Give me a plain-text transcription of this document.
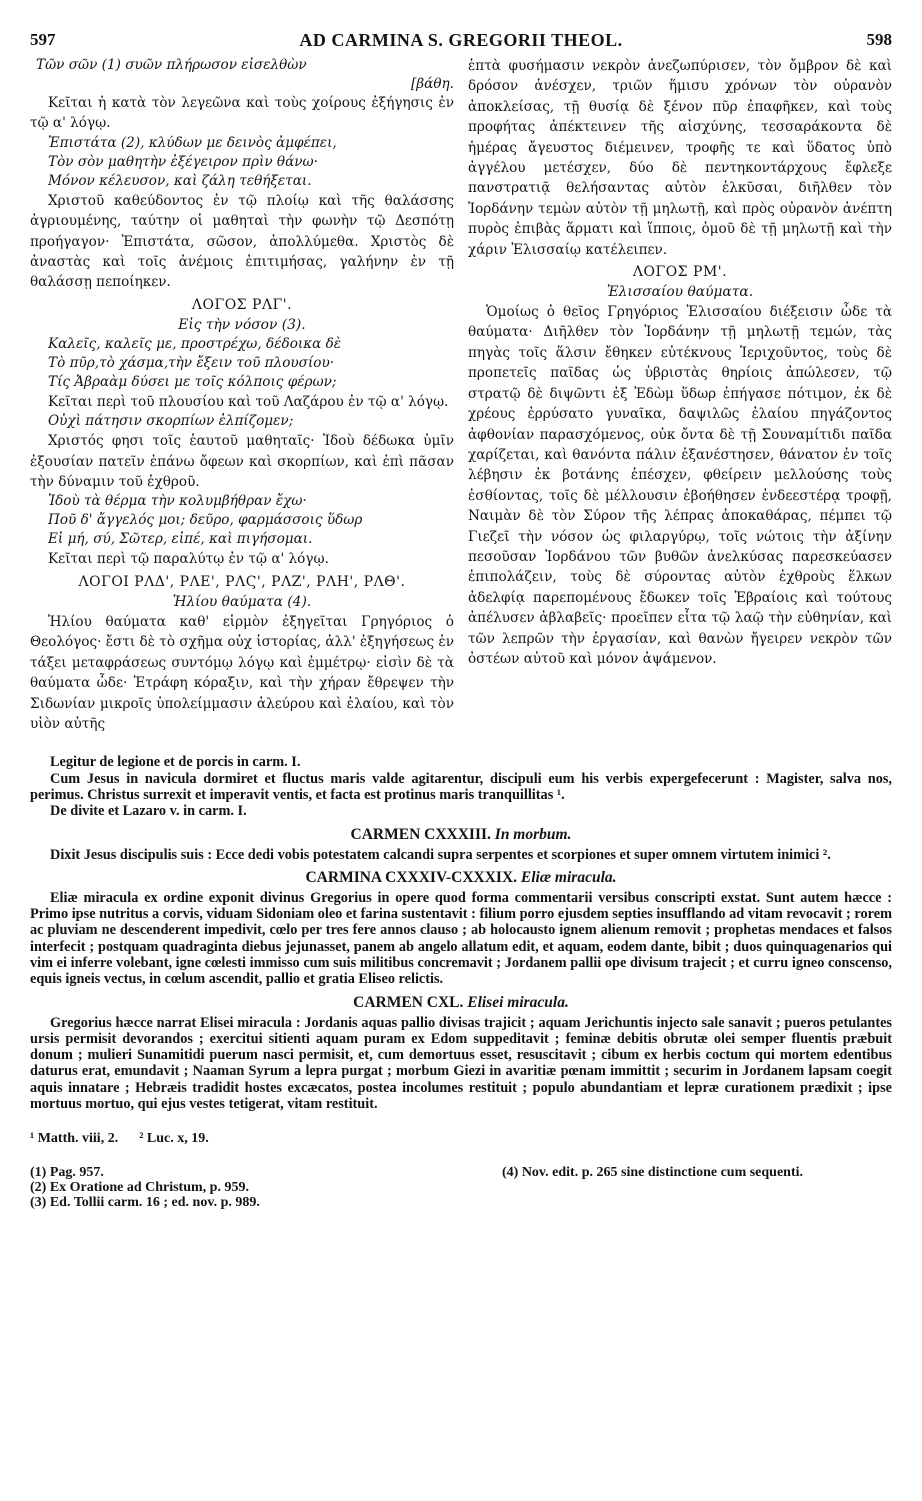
597	AD CARMINA S. GREGORII THEOL.	598
Τῶν σῶν (1) συῶν πλήρωσον εἰσελθὼν
[βάθη.

Κεῖται ἡ κατὰ τὸν λεγεῶνα καὶ τοὺς χοίρους ἐξήγησις ἐν τῷ α' λόγῳ.

Ἐπιστάτα (2), κλύδων με δεινὸς ἀμφέπει,
Τὸν σὸν μαθητὴν ἐξέγειρον πρὶν θάνω·
Μόνον κέλευσον, καὶ ζάλη τεθήξεται.

Χριστοῦ καθεύδοντος ἐν τῷ πλοίῳ καὶ τῆς θαλάσσης ἀγριουμένης, ταύτην οἱ μαθηταὶ τὴν φωνὴν τῷ Δεσπότῃ προήγαγον· Ἐπιστάτα, σῶσον, ἀπολλύμεθα. Χριστὸς δὲ ἀναστὰς καὶ τοῖς ἀνέμοις ἐπιτιμήσας, γαλήνην ἐν τῇ θαλάσσῃ πεποίηκεν.

ΛΟΓΟΣ ΡΛΓ'.
Εἰς τὴν νόσον (3).
Καλεῖς, καλεῖς με, προστρέχω, δέδοικα δὲ
Τὸ πῦρ,τὸ χάσμα,τὴν ἔξειν τοῦ πλουσίου·
Τίς Ἀβραὰμ δύσει με τοῖς κόλποις φέρων;

Κεῖται περὶ τοῦ πλουσίου καὶ τοῦ Λαζάρου ἐν τῷ α' λόγῳ.

Οὐχὶ πάτησιν σκορπίων ἐλπίζομεν;

Χριστός φησι τοῖς ἑαυτοῦ μαθηταῖς· Ἰδοὺ δέδωκα ὑμῖν ἐξουσίαν πατεῖν ἐπάνω ὄφεων καὶ σκορπίων, καὶ ἐπὶ πᾶσαν τὴν δύναμιν τοῦ ἐχθροῦ.

Ἰδοὺ τὰ θέρμα τὴν κολυμβήθραν ἔχω·
Ποῦ δ' ἄγγελός μοι; δεῦρο, φαρμάσσοις ὕδωρ
Εἰ μή, σύ, Σῶτερ, εἰπέ, καὶ πιγήσομαι.

Κεῖται περὶ τῷ παραλύτῳ ἐν τῷ α' λόγῳ.

ΛΟΓΟΙ ΡΛΔ', ΡΛΕ', ΡΛϚ', ΡΛΖ', ΡΛΗ', ΡΛΘ'.
Ἡλίου θαύματα (4).

Ἡλίου θαύματα καθ' εἱρμὸν ἐξηγεῖται Γρηγόριος ὁ Θεολόγος· ἔστι δὲ τὸ σχῆμα οὐχ ἱστορίας, ἀλλ' ἐξηγήσεως ἐν τάξει μεταφράσεως συντόμῳ λόγῳ καὶ ἐμμέτρῳ· εἰσὶν δὲ τὰ θαύματα ὧδε· Ἐτράφη κόραξιν, καὶ τὴν χήραν ἔθρεψεν τὴν Σιδωνίαν μικροῖς ὑπολείμμασιν ἀλεύρου καὶ ἐλαίου, καὶ τὸν υἱὸν αὐτῆς

ἑπτὰ φυσήμασιν νεκρὸν ἀνεζωπύρισεν, τὸν ὄμβρον δὲ καὶ δρόσον ἀνέσχεν, τριῶν ἥμισυ χρόνων τὸν οὐρανὸν ἀποκλείσας, τῇ θυσίᾳ δὲ ξένον πῦρ ἐπαφῆκεν, καὶ τοὺς προφήτας ἀπέκτεινεν τῆς αἰσχύνης, τεσσαράκοντα δὲ ἡμέρας ἄγευστος διέμεινεν, τροφῆς τε καὶ ὕδατος ὑπὸ ἀγγέλου μετέσχεν, δύο δὲ πεντηκοντάρχους ἔφλεξε πανστρατιᾷ θελήσαντας αὐτὸν ἑλκῦσαι, διῆλθεν τὸν Ἰορδάνην τεμὼν αὐτὸν τῇ μηλωτῇ, καὶ πρὸς οὐρανὸν ἀνέπτη πυρὸς ἐπιβὰς ἅρματι καὶ ἵπποις, ὁμοῦ δὲ τῇ μηλωτῇ καὶ τὴν χάριν Ἐλισσαίῳ κατέλειπεν.

ΛΟΓΟΣ ΡΜ'.
Ἐλισσαίου θαύματα.

Ὁμοίως ὁ θεῖος Γρηγόριος Ἐλισσαίου διέξεισιν ὧδε τὰ θαύματα· Διῆλθεν τὸν Ἰορδάνην τῇ μηλωτῇ τεμών, τὰς πηγὰς τοῖς ἅλσιν ἔθηκεν εὐτέκνους Ἱεριχοῦντος, τοὺς δὲ προπετεῖς παῖδας ὡς ὑβριστὰς θηρίοις ἀπώλεσεν, τῷ στρατῷ δὲ διψῶντι ἐξ Ἐδὼμ ὕδωρ ἐπήγασε πότιμον, ἐκ δὲ χρέους ἐρρύσατο γυναῖκα, δαψιλῶς ἐλαίου πηγάζοντος ἀφθονίαν παρασχόμενος, οὐκ ὄντα δὲ τῇ Σουναμίτιδι παῖδα χαρίζεται, καὶ θανόντα πάλιν ἐξανέστησεν, θάνατον ἐν τοῖς λέβησιν ἐκ βοτάνης ἐπέσχεν, φθείρειν μελλούσης τοὺς ἐσθίοντας, τοῖς δὲ μέλλουσιν ἐβοήθησεν ἐνδεεστέρᾳ τροφῇ, Ναιμὰν δὲ τὸν Σύρον τῆς λέπρας ἀποκαθάρας, πέμπει τῷ Γιεζεῖ τὴν νόσον ὡς φιλαργύρῳ, τοῖς νώτοις τὴν ἀξίνην πεσοῦσαν Ἰορδάνου τῶν βυθῶν ἀνελκύσας παρεσκεύασεν ἐπιπολάζειν, τοὺς δὲ σύροντας αὐτὸν ἐχθροὺς ἕλκων ἀδελφίᾳ παρεπομένους ἔδωκεν τοῖς Ἑβραίοις καὶ τούτους ἀπέλυσεν ἀβλαβεῖς· προεῖπεν εἶτα τῷ λαῷ τὴν εὐθηνίαν, καὶ τῶν λεπρῶν τὴν ἐργασίαν, καὶ θανὼν ἤγειρεν νεκρὸν τῶν ὀστέων αὐτοῦ καὶ μόνον ἀψάμενον.

Legitur de legione et de porcis in carm. I.

Cum Jesus in navicula dormiret et fluctus maris valde agitarentur, discipuli eum his verbis expergefecerunt : Magister, salva nos, perimus. Christus surrexit et imperavit ventis, et facta est protinus maris tranquillitas ¹.

De divite et Lazaro v. in carm. I.

CARMEN CXXXIII. In morbum.

Dixit Jesus discipulis suis : Ecce dedi vobis potestatem calcandi supra serpentes et scorpiones et super omnem virtutem inimici ².

CARMINA CXXXIV-CXXXIX. Eliæ miracula.

Eliæ miracula ex ordine exponit divinus Gregorius in opere quod forma commentarii versibus conscripti exstat. Sunt autem hæcce : Primo ipse nutritus a corvis, viduam Sidoniam oleo et farina sustentavit : filium porro ejusdem septies insufflando ad vitam revocavit ; rorem ac pluviam ne descenderent impedivit, cœlo per tres fere annos clauso ; ab holocausto ignem alienum removit ; prophetas mendaces et falsos interfecit ; postquam quadraginta diebus jejunasset, panem ab angelo allatum edit, et aquam, eodem dante, bibit ; duos quinquagenarios qui vim ei inferre volebant, igne cœlesti immisso cum suis militibus concremavit ; Jordanem pallii ope divisum trajecit ; et curru igneo conscenso, equis igneis vectus, in cœlum ascendit, pallio et gratia Eliseo relictis.

CARMEN CXL. Elisei miracula.

Gregorius hæcce narrat Elisei miracula : Jordanis aquas pallio divisas trajicit ; aquam Jerichuntis injecto sale sanavit ; pueros petulantes ursis permisit devorandos ; exercitui sitienti aquam puram ex Edom suppeditavit ; feminæ debitis obrutæ olei semper fluentis præbuit donum ; mulieri Sunamitidi puerum nasci permisit, et, cum demortuus esset, resuscitavit ; cibum ex herbis coctum qui mortem edentibus daturus erat, emundavit ; Naaman Syrum a lepra purgat ; morbum Giezi in avaritiæ pœnam immittit ; securim in Jordanem lapsam coegit aquis innatare ; Hebræis tradidit hostes excæcatos, postea incolumes restituit ; populo abundantiam et lepræ curationem prædixit ; ipse mortuus mortuo, qui ejus vestes tetigerat, vitam restituit.

¹ Matth. viii, 2. ² Luc. x, 19.
(1) Pag. 957.
(2) Ex Oratione ad Christum, p. 959.
(3) Ed. Tollii carm. 16 ; ed. nov. p. 989.
(4) Nov. edit. p. 265 sine distinctione cum sequenti.
